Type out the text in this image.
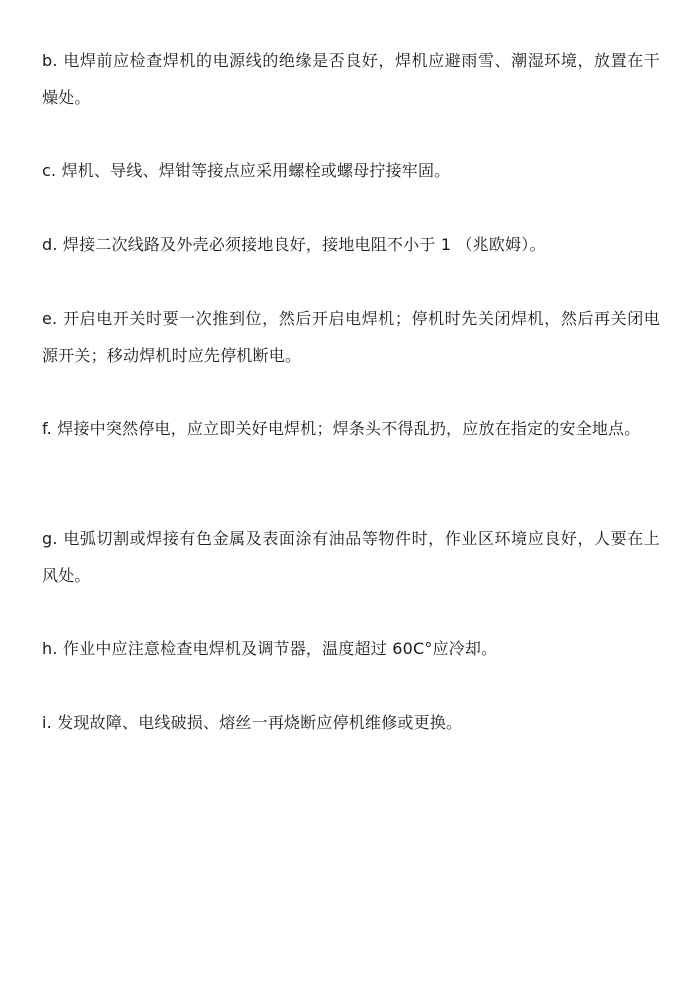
b. 电焊前应检查焊机的电源线的绝缘是否良好，焊机应避雨雪、潮湿环境，放置在干燥处。

c. 焊机、导线、焊钳等接点应采用螺栓或螺母拧接牢固。

d. 焊接二次线路及外壳必须接地良好，接地电阻不小于 1 （兆欧姆）。

e. 开启电开关时要一次推到位，然后开启电焊机；停机时先关闭焊机，然后再关闭电源开关；移动焊机时应先停机断电。

f. 焊接中突然停电，应立即关好电焊机；焊条头不得乱扔，应放在指定的安全地点。

g. 电弧切割或焊接有色金属及表面涂有油品等物件时，作业区环境应良好，人要在上风处。

h. 作业中应注意检查电焊机及调节器，温度超过 60C°应冷却。

i. 发现故障、电线破损、熔丝一再烧断应停机维修或更换。
